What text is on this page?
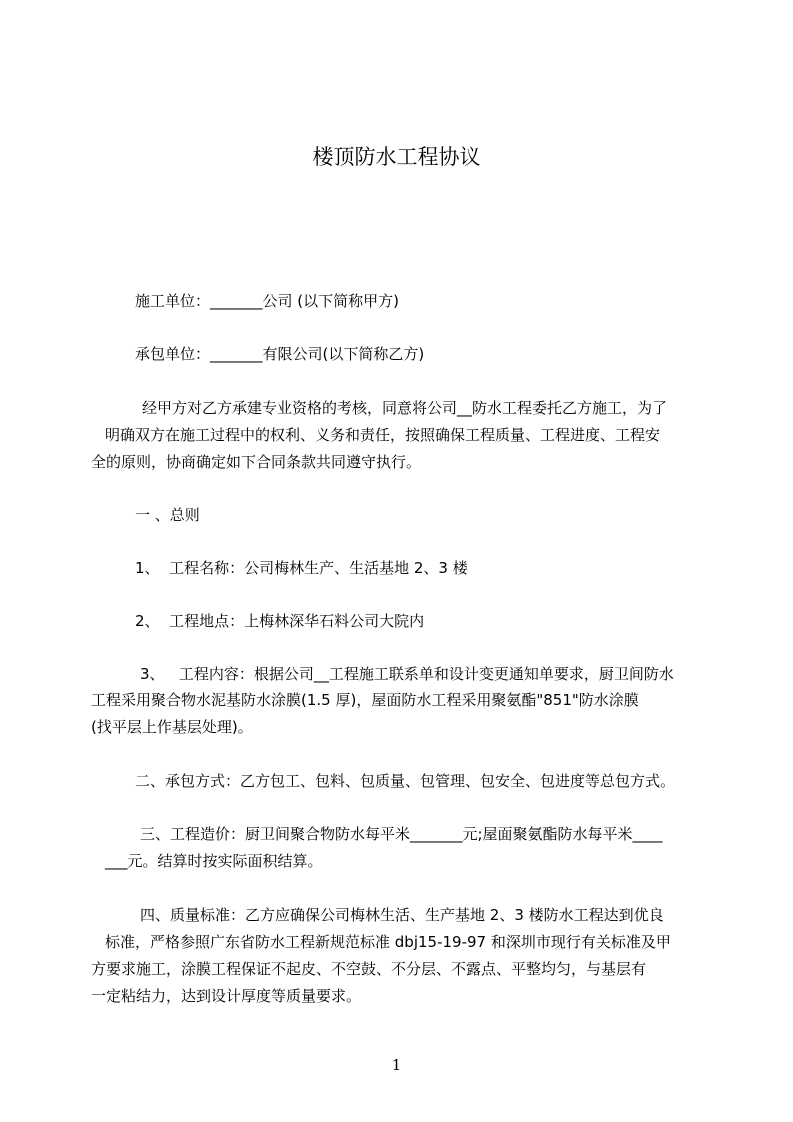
楼顶防水工程协议
施工单位：_______公司 (以下简称甲方)
承包单位：_______有限公司(以下简称乙方)
经甲方对乙方承建专业资格的考核，同意将公司__防水工程委托乙方施工，为了
明确双方在施工过程中的权利、义务和责任，按照确保工程质量、工程进度、工程安
全的原则，协商确定如下合同条款共同遵守执行。
一 、总则
1、  工程名称：公司梅林生产、生活基地 2、3 楼
2、  工程地点：上梅林深华石料公司大院内
3、   工程内容：根据公司__工程施工联系单和设计变更通知单要求，厨卫间防水
工程采用聚合物水泥基防水涂膜(1.5 厚)，屋面防水工程采用聚氨酯"851"防水涂膜
(找平层上作基层处理)。
二、承包方式：乙方包工、包料、包质量、包管理、包安全、包进度等总包方式。
三、工程造价：厨卫间聚合物防水每平米_______元;屋面聚氨酯防水每平米____
___元。结算时按实际面积结算。
四、质量标准：乙方应确保公司梅林生活、生产基地 2、3 楼防水工程达到优良
标准，严格参照广东省防水工程新规范标准 dbj15-19-97 和深圳市现行有关标准及甲
方要求施工，涂膜工程保证不起皮、不空鼓、不分层、不露点、平整均匀，与基层有
一定粘结力，达到设计厚度等质量要求。
1
